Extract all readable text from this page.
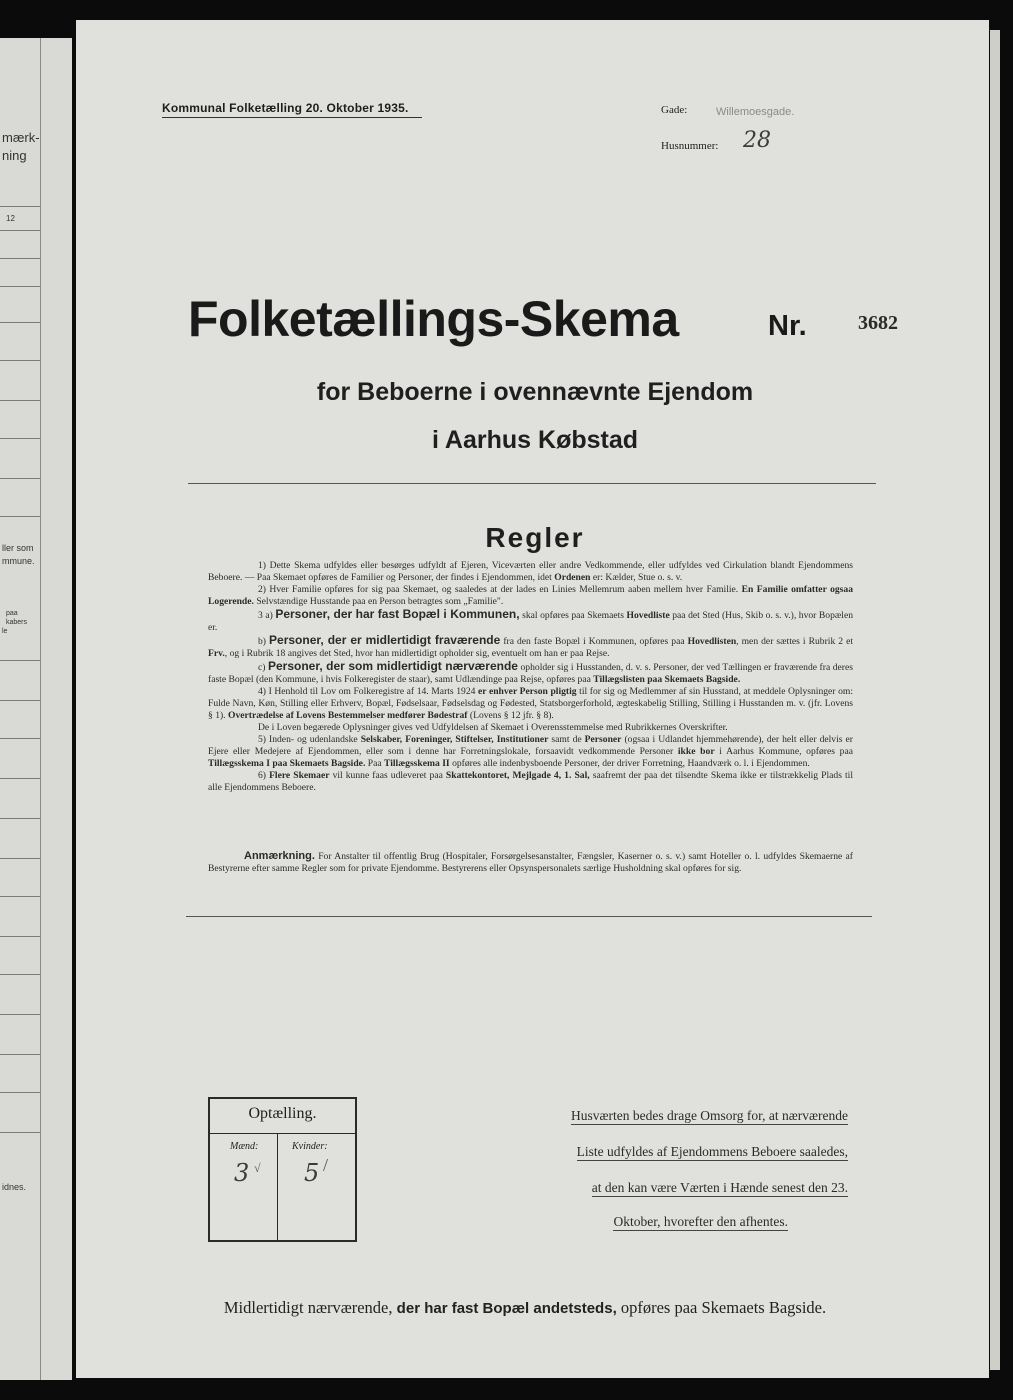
mærk-
ning
12
ller som
mmune.
paa
kabers
le
idnes.
Kommunal Folketælling 20. Oktober 1935.	Gade:	Willemoesgade.
Husnummer: 28
Folketællings-Skema	Nr.	3682
for Beboerne i ovennævnte Ejendom
i Aarhus Købstad
Regler

1) Dette Skema udfyldes eller besørges udfyldt af Ejeren, Viceværten eller andre Vedkommende, eller udfyldes ved Cirkulation blandt Ejendommens Beboere. — Paa Skemaet opføres de Familier og Personer, der findes i Ejendommen, idet Ordenen er: Kælder, Stue o. s. v.

2) Hver Familie opføres for sig paa Skemaet, og saaledes at der lades en Linies Mellemrum aaben mellem hver Familie. En Familie omfatter ogsaa Logerende. Selvstændige Husstande paa en Person betragtes som „Familie".

3 a) Personer, der har fast Bopæl i Kommunen, skal opføres paa Skemaets Hovedliste paa det Sted (Hus, Skib o. s. v.), hvor Bopælen er.

b) Personer, der er midlertidigt fraværende fra den faste Bopæl i Kommunen, opføres paa Hovedlisten, men der sættes i Rubrik 2 et Frv., og i Rubrik 18 angives det Sted, hvor han midlertidigt opholder sig, eventuelt om han er paa Rejse.

c) Personer, der som midlertidigt nærværende opholder sig i Husstanden, d. v. s. Personer, der ved Tællingen er fraværende fra deres faste Bopæl (den Kommune, i hvis Folkeregister de staar), samt Udlændinge paa Rejse, opføres paa Tillægslisten paa Skemaets Bagside.

4) I Henhold til Lov om Folkeregistre af 14. Marts 1924 er enhver Person pligtig til for sig og Medlemmer af sin Husstand, at meddele Oplysninger om: Fulde Navn, Køn, Stilling eller Erhverv, Bopæl, Fødselsaar, Fødselsdag og Fødested, Statsborgerforhold, ægteskabelig Stilling, Stilling i Husstanden m. v. (jfr. Lovens § 1). Overtrædelse af Lovens Bestemmelser medfører Bødestraf (Lovens § 12 jfr. § 8).

De i Loven begærede Oplysninger gives ved Udfyldelsen af Skemaet i Overensstemmelse med Rubrikkernes Overskrifter.

5) Inden- og udenlandske Selskaber, Foreninger, Stiftelser, Institutioner samt de Personer (ogsaa i Udlandet hjemmehørende), der helt eller delvis er Ejere eller Medejere af Ejendommen, eller som i denne har Forretningslokale, forsaavidt vedkommende Personer ikke bor i Aarhus Kommune, opføres paa Tillægsskema I paa Skemaets Bagside. Paa Tillægsskema II opføres alle indenbysboende Personer, der driver Forretning, Haandværk o. l. i Ejendommen.

6) Flere Skemaer vil kunne faas udleveret paa Skattekontoret, Mejlgade 4, 1. Sal, saafremt der paa det tilsendte Skema ikke er tilstrækkelig Plads til alle Ejendommens Beboere.

Anmærkning. For Anstalter til offentlig Brug (Hospitaler, Forsørgelsesanstalter, Fængsler, Kaserner o. s. v.) samt Hoteller o. l. udfyldes Skemaerne af Bestyrerne efter samme Regler som for private Ejendomme. Bestyrerens eller Opsynspersonalets særlige Husholdning skal opføres for sig.
Optælling.
Mænd:	Kvinder:
3 √ 5 /
Husværten bedes drage Omsorg for, at nærværende
Liste udfyldes af Ejendommens Beboere saaledes,
at den kan være Værten i Hænde senest den 23.
Oktober, hvorefter den afhentes.
Midlertidigt nærværende, der har fast Bopæl andetsteds, opføres paa Skemaets Bagside.
